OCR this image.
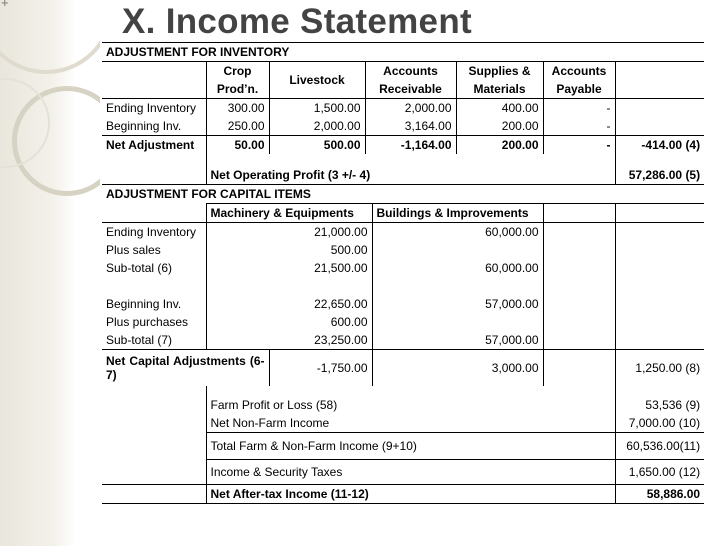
+	X. Income Statement
ADJUSTMENT FOR INVENTORY							
	Crop	Livestock	Accounts		Supplies &	Accounts	
	Prod’n.		Receivable		Materials	Payable	
Ending Inventory	300.00	1,500.00	2,000.00		400.00	-	
Beginning Inv.	250.00	2,000.00	3,164.00		200.00	-	
Net Adjustment	50.00	500.00	-1,164.00		200.00	-	-414.00 (4)

	Net Operating Profit (3 +/- 4)						57,286.00 (5)
ADJUSTMENT FOR CAPITAL ITEMS							
	Machinery & Equipments			Buildings & Improvements			
Ending Inventory		21,000.00		60,000.00			
Plus sales		500.00					
Sub-total (6)		21,500.00		60,000.00			

Beginning Inv.		22,650.00		57,000.00			
Plus purchases		600.00					
Sub-total (7)		23,250.00		57,000.00			
Net Capital Adjustments (6-7)		-1,750.00		3,000.00			1,250.00 (8)

	Farm Profit or Loss (58)						53,536 (9)
	Net Non-Farm Income						7,000.00 (10)
	Total Farm & Non-Farm Income (9+10)						60,536.00(11)
	Income & Security Taxes						1,650.00 (12)
	Net After-tax Income (11-12)						58,886.00
